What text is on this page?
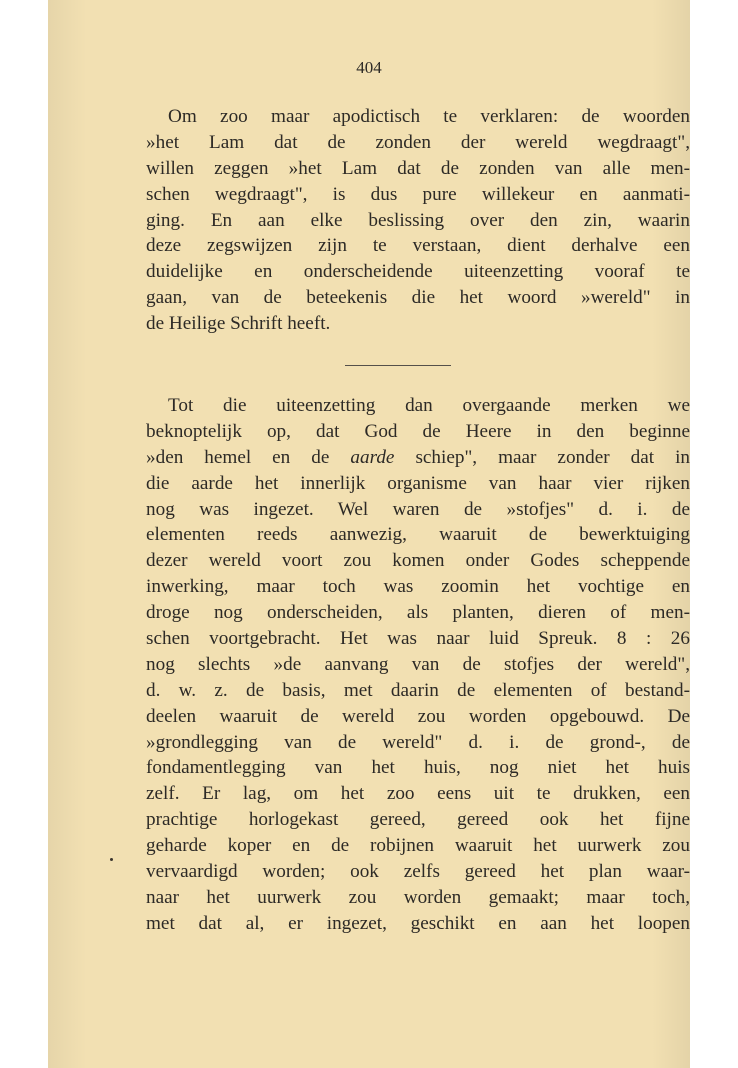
404

Om zoo maar apodictisch te verklaren: de woorden
»het Lam dat de zonden der wereld wegdraagt",
willen zeggen »het Lam dat de zonden van alle men-
schen wegdraagt", is dus pure willekeur en aanmati-
ging. En aan elke beslissing over den zin, waarin
deze zegswijzen zijn te verstaan, dient derhalve een
duidelijke en onderscheidende uiteenzetting vooraf te
gaan, van de beteekenis die het woord »wereld" in
de Heilige Schrift heeft.

Tot die uiteenzetting dan overgaande merken we
beknoptelijk op, dat God de Heere in den beginne
»den hemel en de aarde schiep", maar zonder dat in
die aarde het innerlijk organisme van haar vier rijken
nog was ingezet. Wel waren de »stofjes" d. i. de
elementen reeds aanwezig, waaruit de bewerktuiging
dezer wereld voort zou komen onder Godes scheppende
inwerking, maar toch was zoomin het vochtige en
droge nog onderscheiden, als planten, dieren of men-
schen voortgebracht. Het was naar luid Spreuk. 8 : 26
nog slechts »de aanvang van de stofjes der wereld",
d. w. z. de basis, met daarin de elementen of bestand-
deelen waaruit de wereld zou worden opgebouwd. De
»grondlegging van de wereld" d. i. de grond-, de
fondamentlegging van het huis, nog niet het huis
zelf. Er lag, om het zoo eens uit te drukken, een
prachtige horlogekast gereed, gereed ook het fijne
geharde koper en de robijnen waaruit het uurwerk zou
vervaardigd worden; ook zelfs gereed het plan waar-
naar het uurwerk zou worden gemaakt; maar toch,
met dat al, er ingezet, geschikt en aan het loopen
